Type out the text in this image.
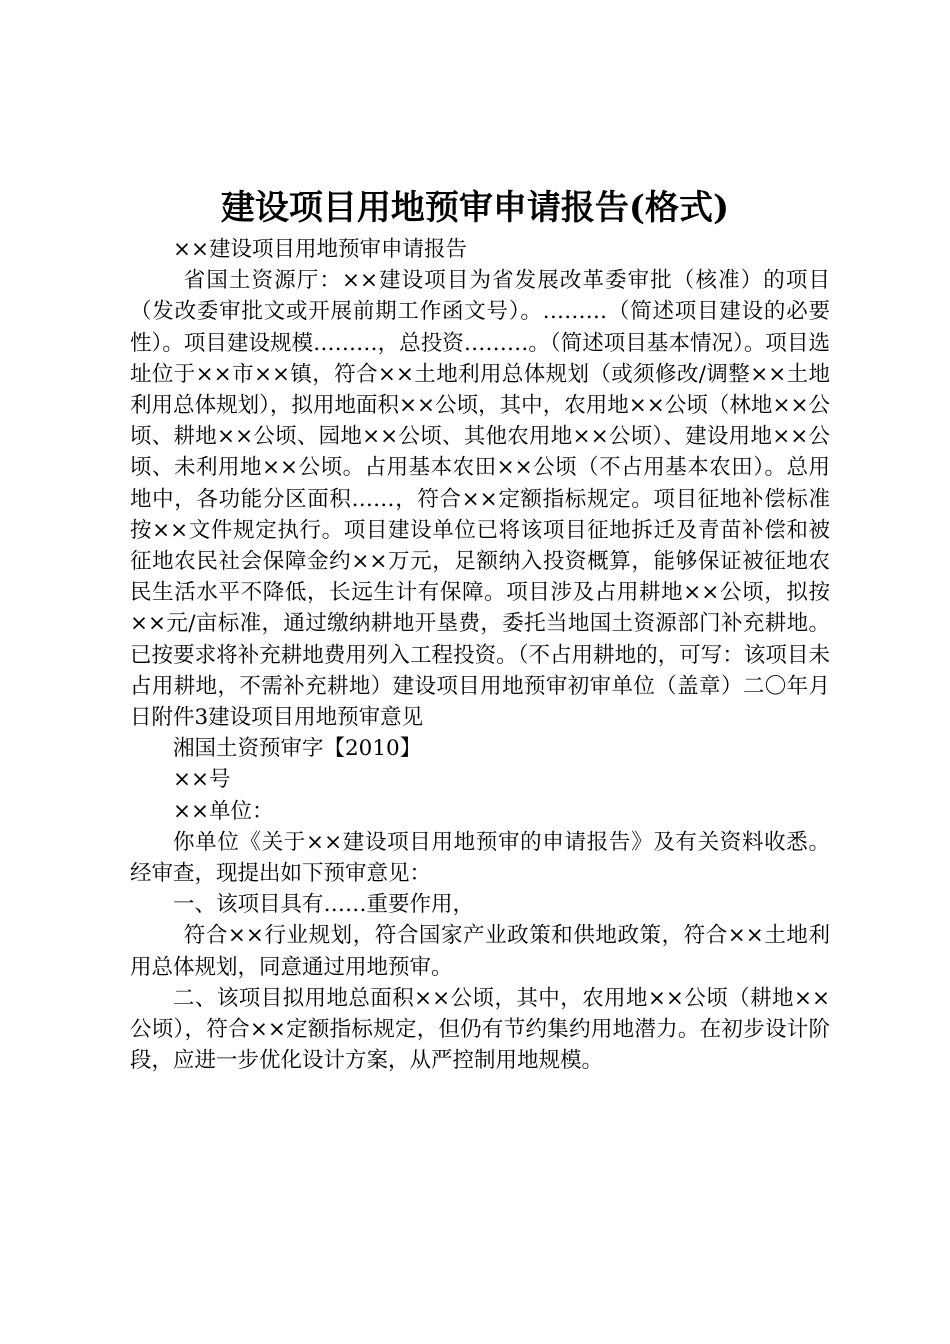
建设项目用地预审申请报告(格式)

××建设项目用地预审申请报告

省国土资源厅：××建设项目为省发展改革委审批（核准）的项目（发改委审批文或开展前期工作函文号）。………（简述项目建设的必要性）。项目建设规模………，总投资………。（简述项目基本情况）。项目选址位于××市××镇，符合××土地利用总体规划（或须修改/调整××土地利用总体规划），拟用地面积××公顷，其中，农用地××公顷（林地××公顷、耕地××公顷、园地××公顷、其他农用地××公顷）、建设用地××公顷、未利用地××公顷。占用基本农田××公顷（不占用基本农田）。总用地中，各功能分区面积……，符合××定额指标规定。项目征地补偿标准按××文件规定执行。项目建设单位已将该项目征地拆迁及青苗补偿和被征地农民社会保障金约××万元，足额纳入投资概算，能够保证被征地农民生活水平不降低，长远生计有保障。项目涉及占用耕地××公顷，拟按××元/亩标准，通过缴纳耕地开垦费，委托当地国土资源部门补充耕地。已按要求将补充耕地费用列入工程投资。（不占用耕地的，可写：该项目未占用耕地，不需补充耕地）建设项目用地预审初审单位（盖章）二〇年月日附件3建设项目用地预审意见

湘国土资预审字【2010】

××号

××单位：

你单位《关于××建设项目用地预审的申请报告》及有关资料收悉。经审查，现提出如下预审意见：

一、该项目具有……重要作用，

符合××行业规划，符合国家产业政策和供地政策，符合××土地利用总体规划，同意通过用地预审。

二、该项目拟用地总面积××公顷，其中，农用地××公顷（耕地××公顷），符合××定额指标规定，但仍有节约集约用地潜力。在初步设计阶段，应进一步优化设计方案，从严控制用地规模。
